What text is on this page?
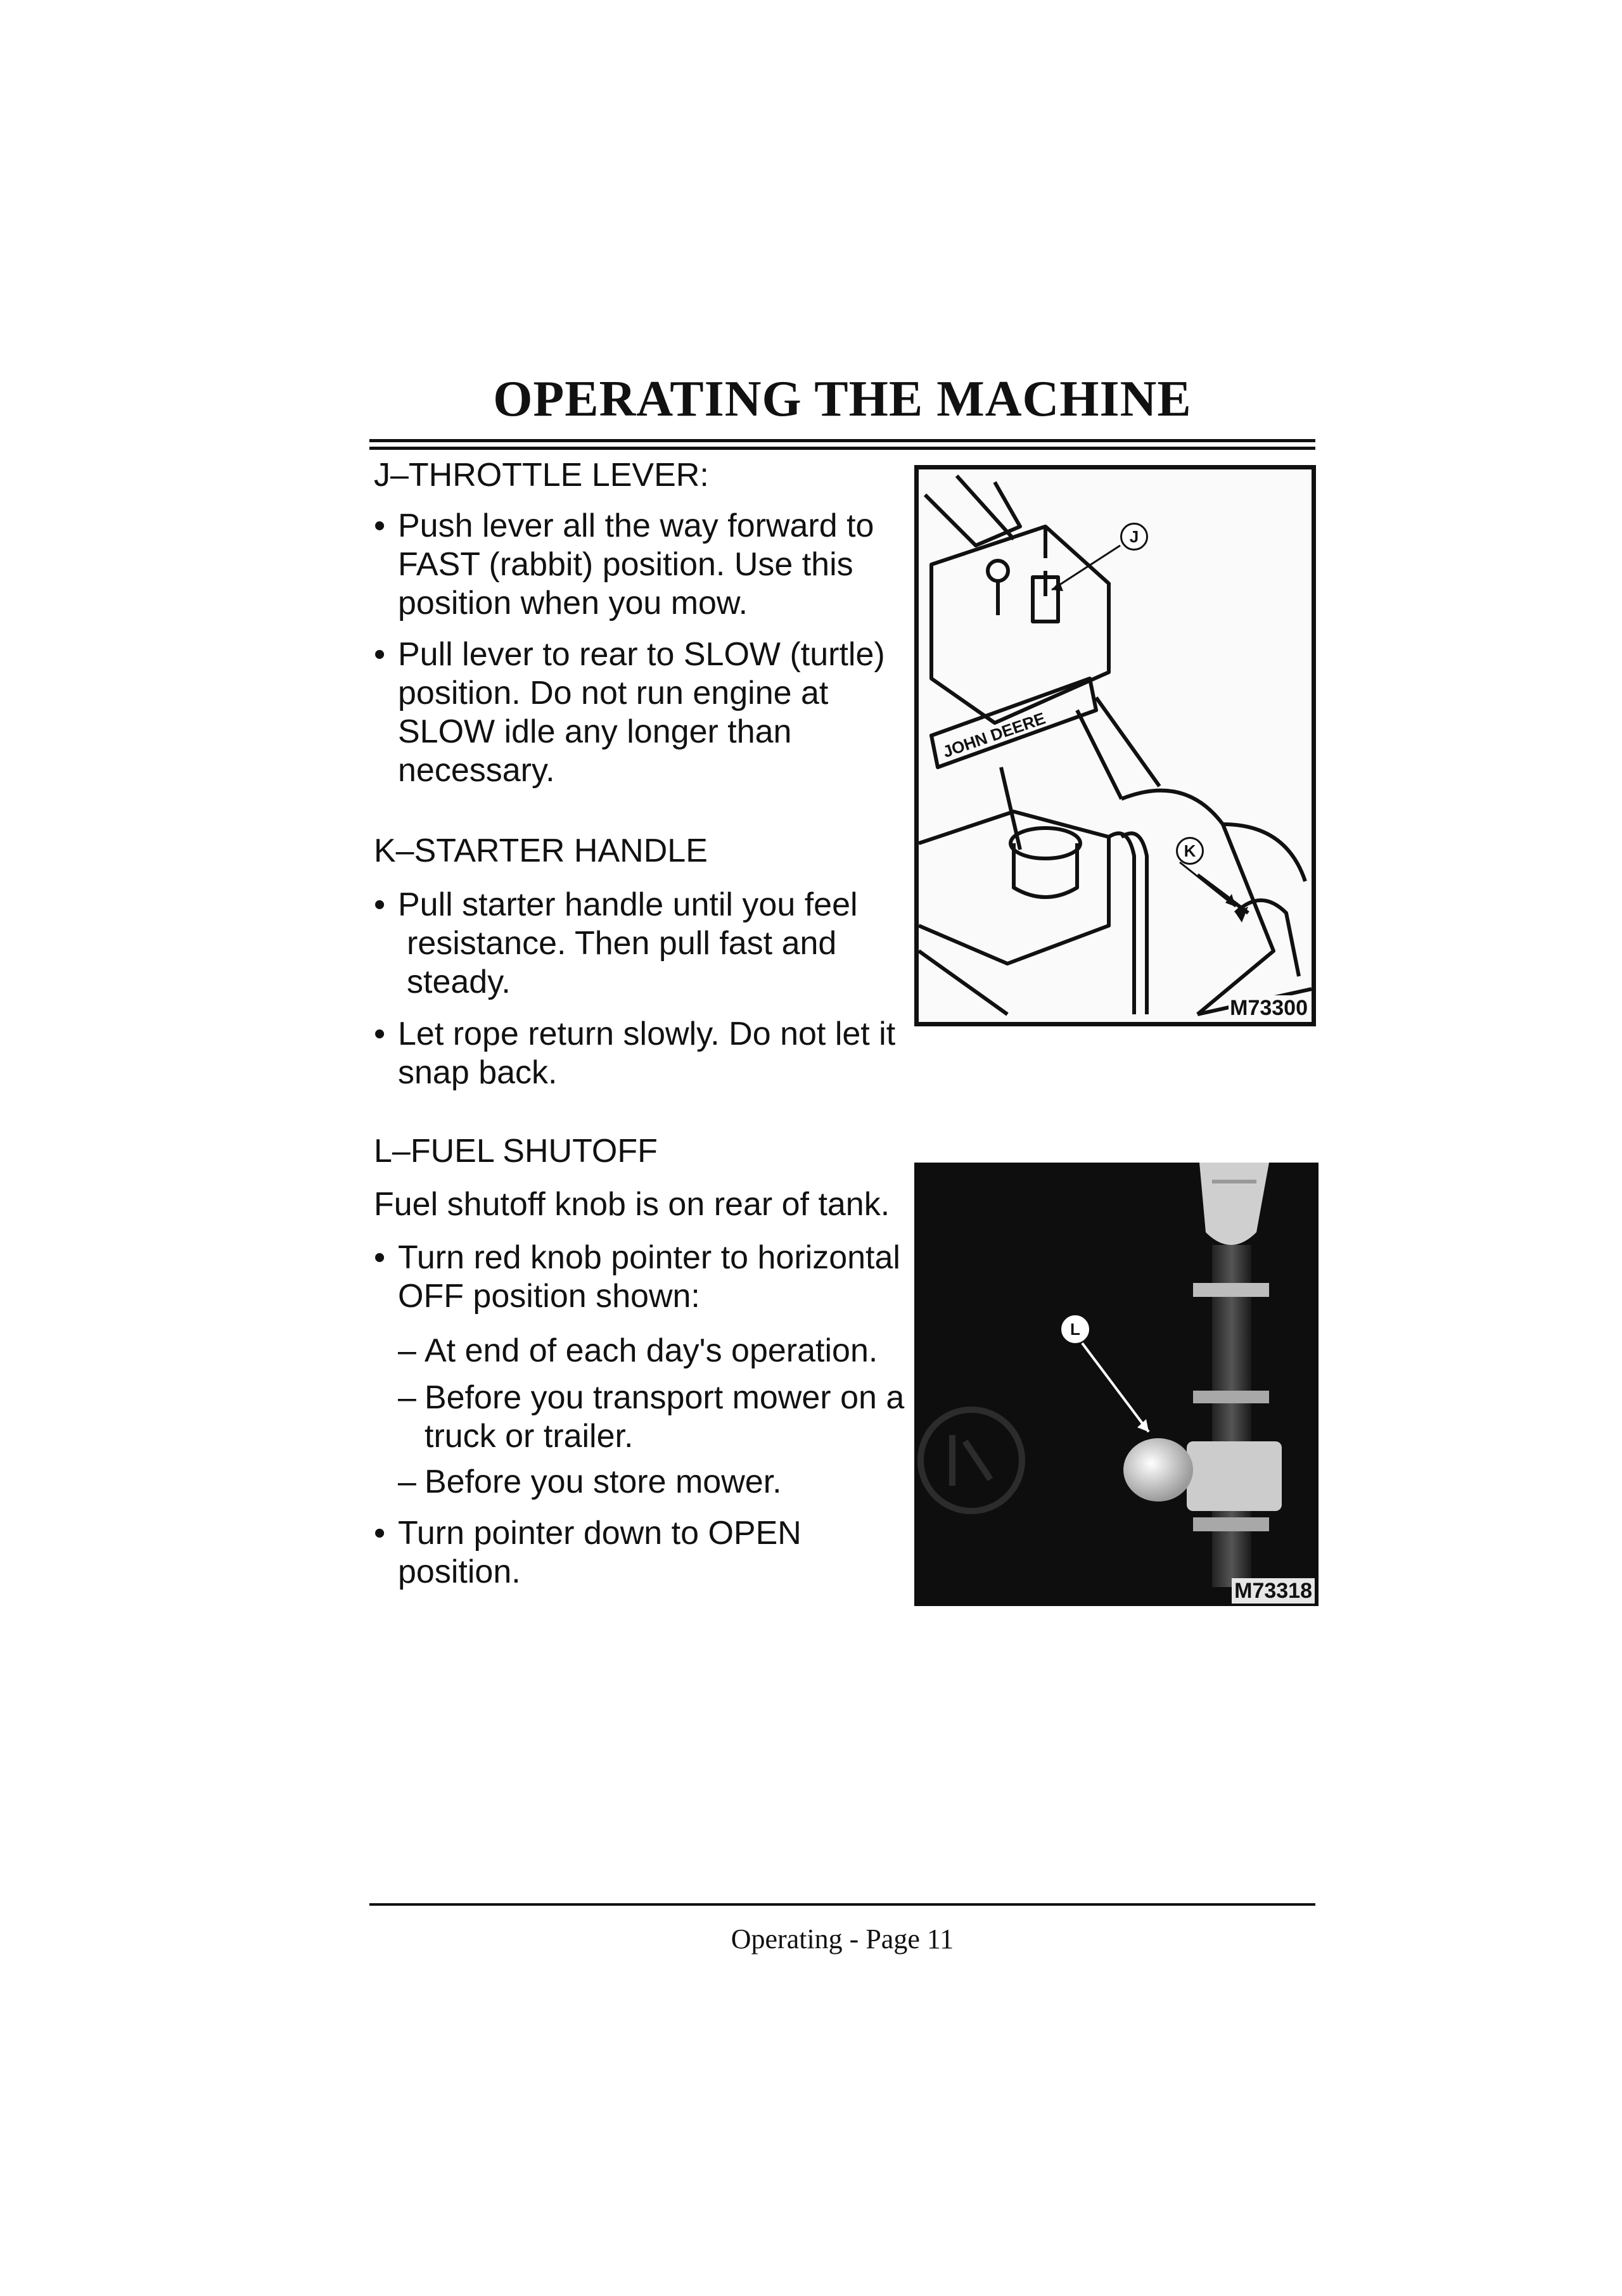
OPERATING THE MACHINE
J–THROTTLE LEVER:
• Push lever all the way forward to FAST (rabbit) position. Use this position when you mow.
• Pull lever to rear to SLOW (turtle) position. Do not run engine at SLOW idle any longer than necessary.
K–STARTER HANDLE
• Pull starter handle until you feel resistance. Then pull fast and steady.
• Let rope return slowly. Do not let it snap back.
L–FUEL SHUTOFF
Fuel shutoff knob is on rear of tank.
• Turn red knob pointer to horizontal OFF position shown:
– At end of each day's operation.
– Before you transport mower on a truck or trailer.
– Before you store mower.
• Turn pointer down to OPEN position.
JOHN DEERE
J
K
M73300
L
M73318
Operating - Page 11
